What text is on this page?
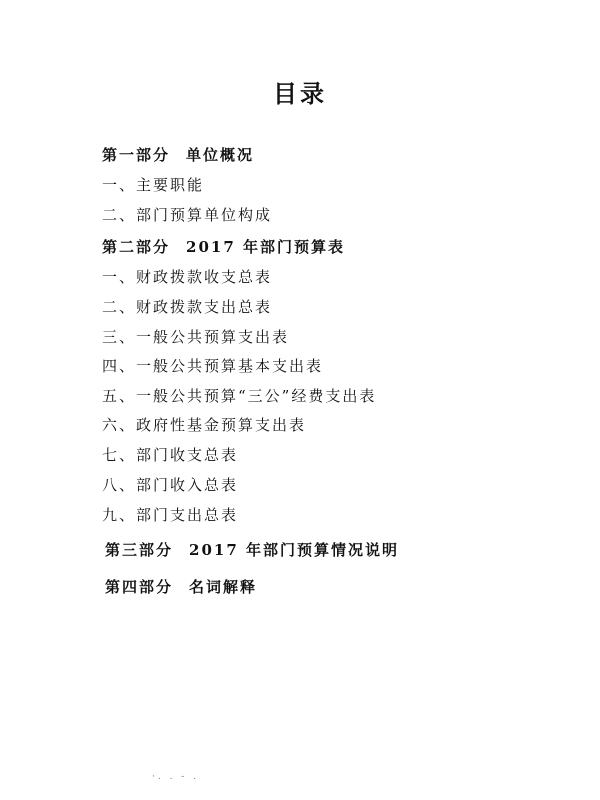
目录
第一部分 单位概况
一、主要职能
二、部门预算单位构成
第二部分 2017 年部门预算表
一、财政拨款收支总表
二、财政拨款支出总表
三、一般公共预算支出表
四、一般公共预算基本支出表
五、一般公共预算“三公”经费支出表
六、政府性基金预算支出表
七、部门收支总表
八、部门收入总表
九、部门支出总表
第三部分 2017 年部门预算情况说明
第四部分 名词解释
·. . - .
